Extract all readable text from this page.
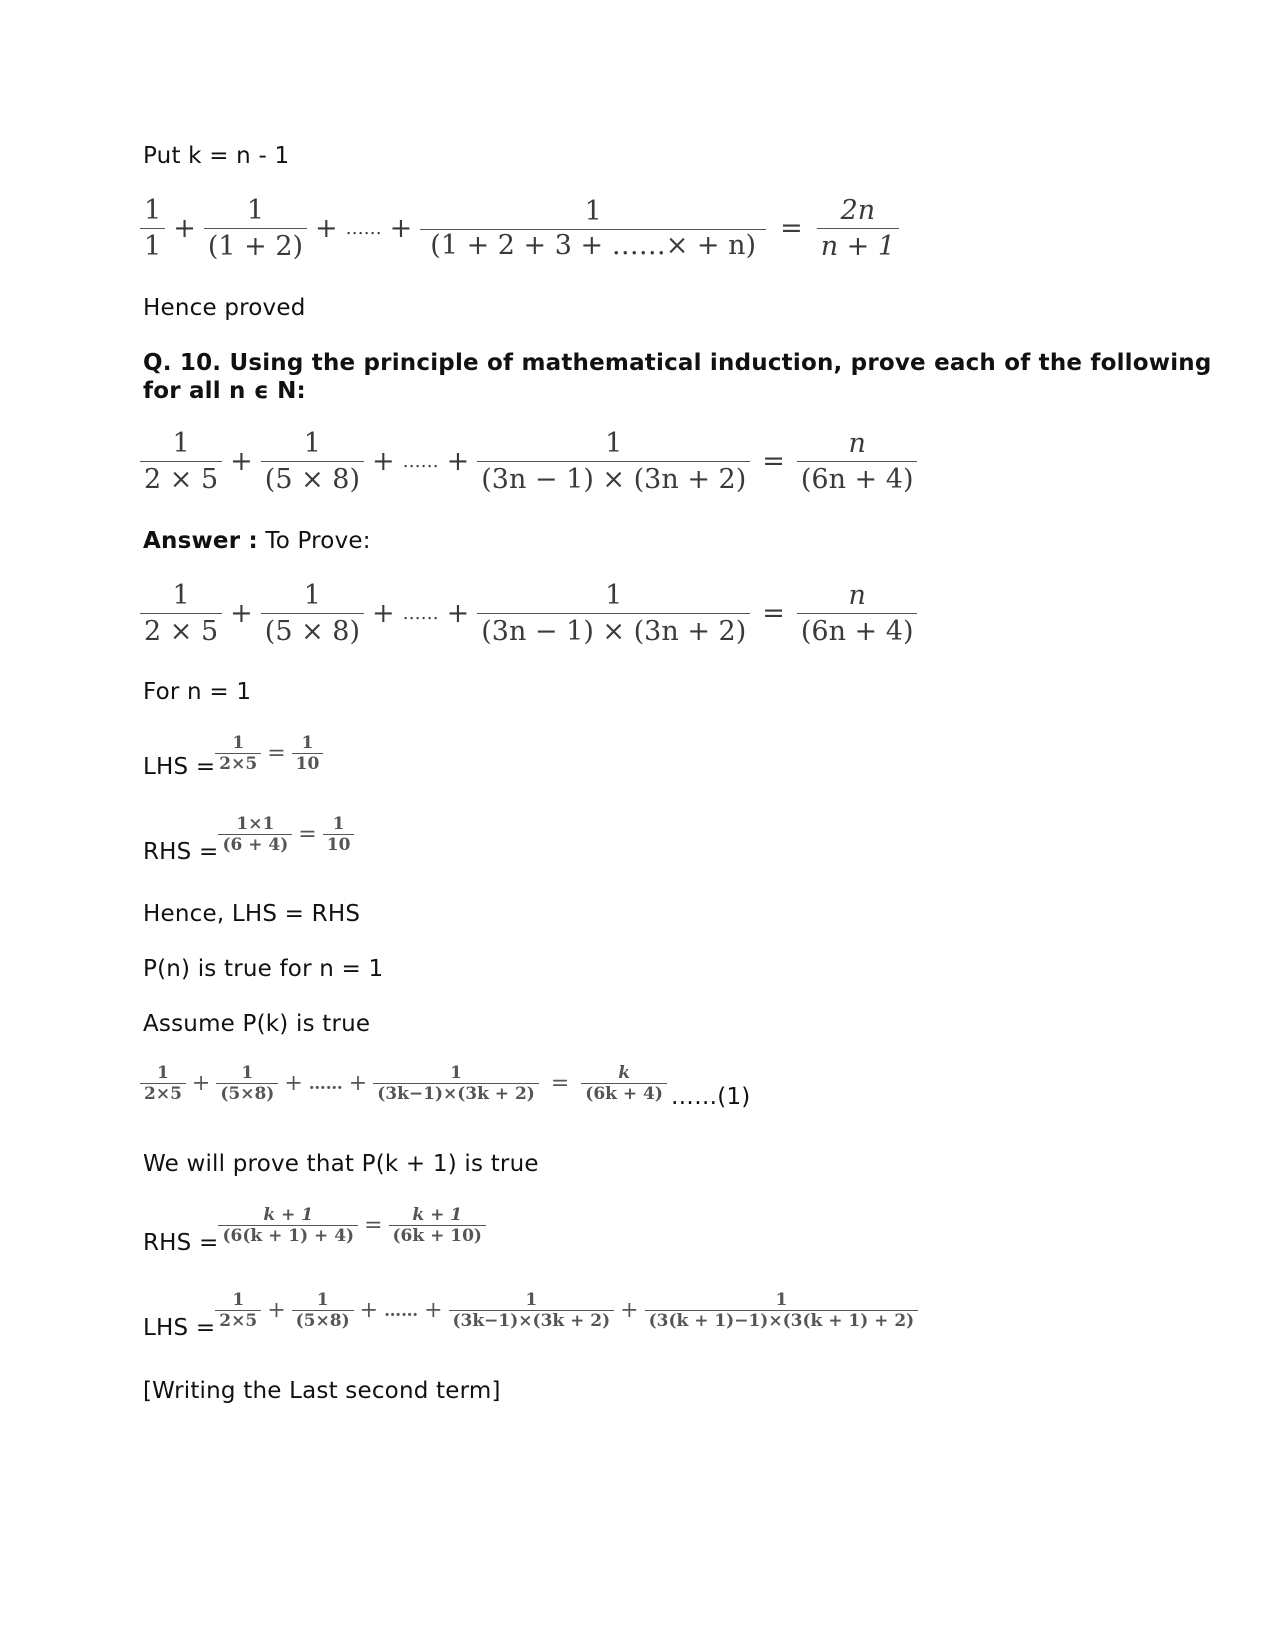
Put k = n - 1
$\frac{1}{1} + \frac{1}{(1 + 2)}$ + …… + $\frac{1}{(1 + 2 + 3 + \dots\dots\times + n)} = \frac{2n}{n + 1}$
Hence proved
Q. 10. Using the principle of mathematical induction, prove each of the following
for all n ϵ N:
$\frac{1}{2 \times 5} + \frac{1}{(5 \times 8)}$ + …… + $\frac{1}{(3n - 1) \times (3n + 2)} = \frac{n}{(6n + 4)}$
Answer : To Prove:
$\frac{1}{2 \times 5} + \frac{1}{(5 \times 8)}$ + …… + $\frac{1}{(3n - 1) \times (3n + 2)} = \frac{n}{(6n + 4)}$
For n = 1
LHS = $\frac{1}{2\times 5} = \frac{1}{10}$
RHS = $\frac{1\times 1}{(6 + 4)} = \frac{1}{10}$
Hence, LHS = RHS
P(n) is true for n = 1
Assume P(k) is true
$\frac{1}{2\times 5} + \frac{1}{(5\times 8)}$ + …… + $\frac{1}{(3k-1)\times(3k + 2)} = \frac{k}{(6k + 4)}$ ……(1)
We will prove that P(k + 1) is true
RHS = $\frac{k + 1}{(6(k + 1) + 4)} = \frac{k + 1}{(6k + 10)}$
LHS = $\frac{1}{2\times 5} + \frac{1}{(5\times 8)}$ + …… + $\frac{1}{(3k-1)\times(3k + 2)} + \frac{1}{(3(k + 1)-1)\times(3(k + 1) + 2)}$
[Writing the Last second term]
